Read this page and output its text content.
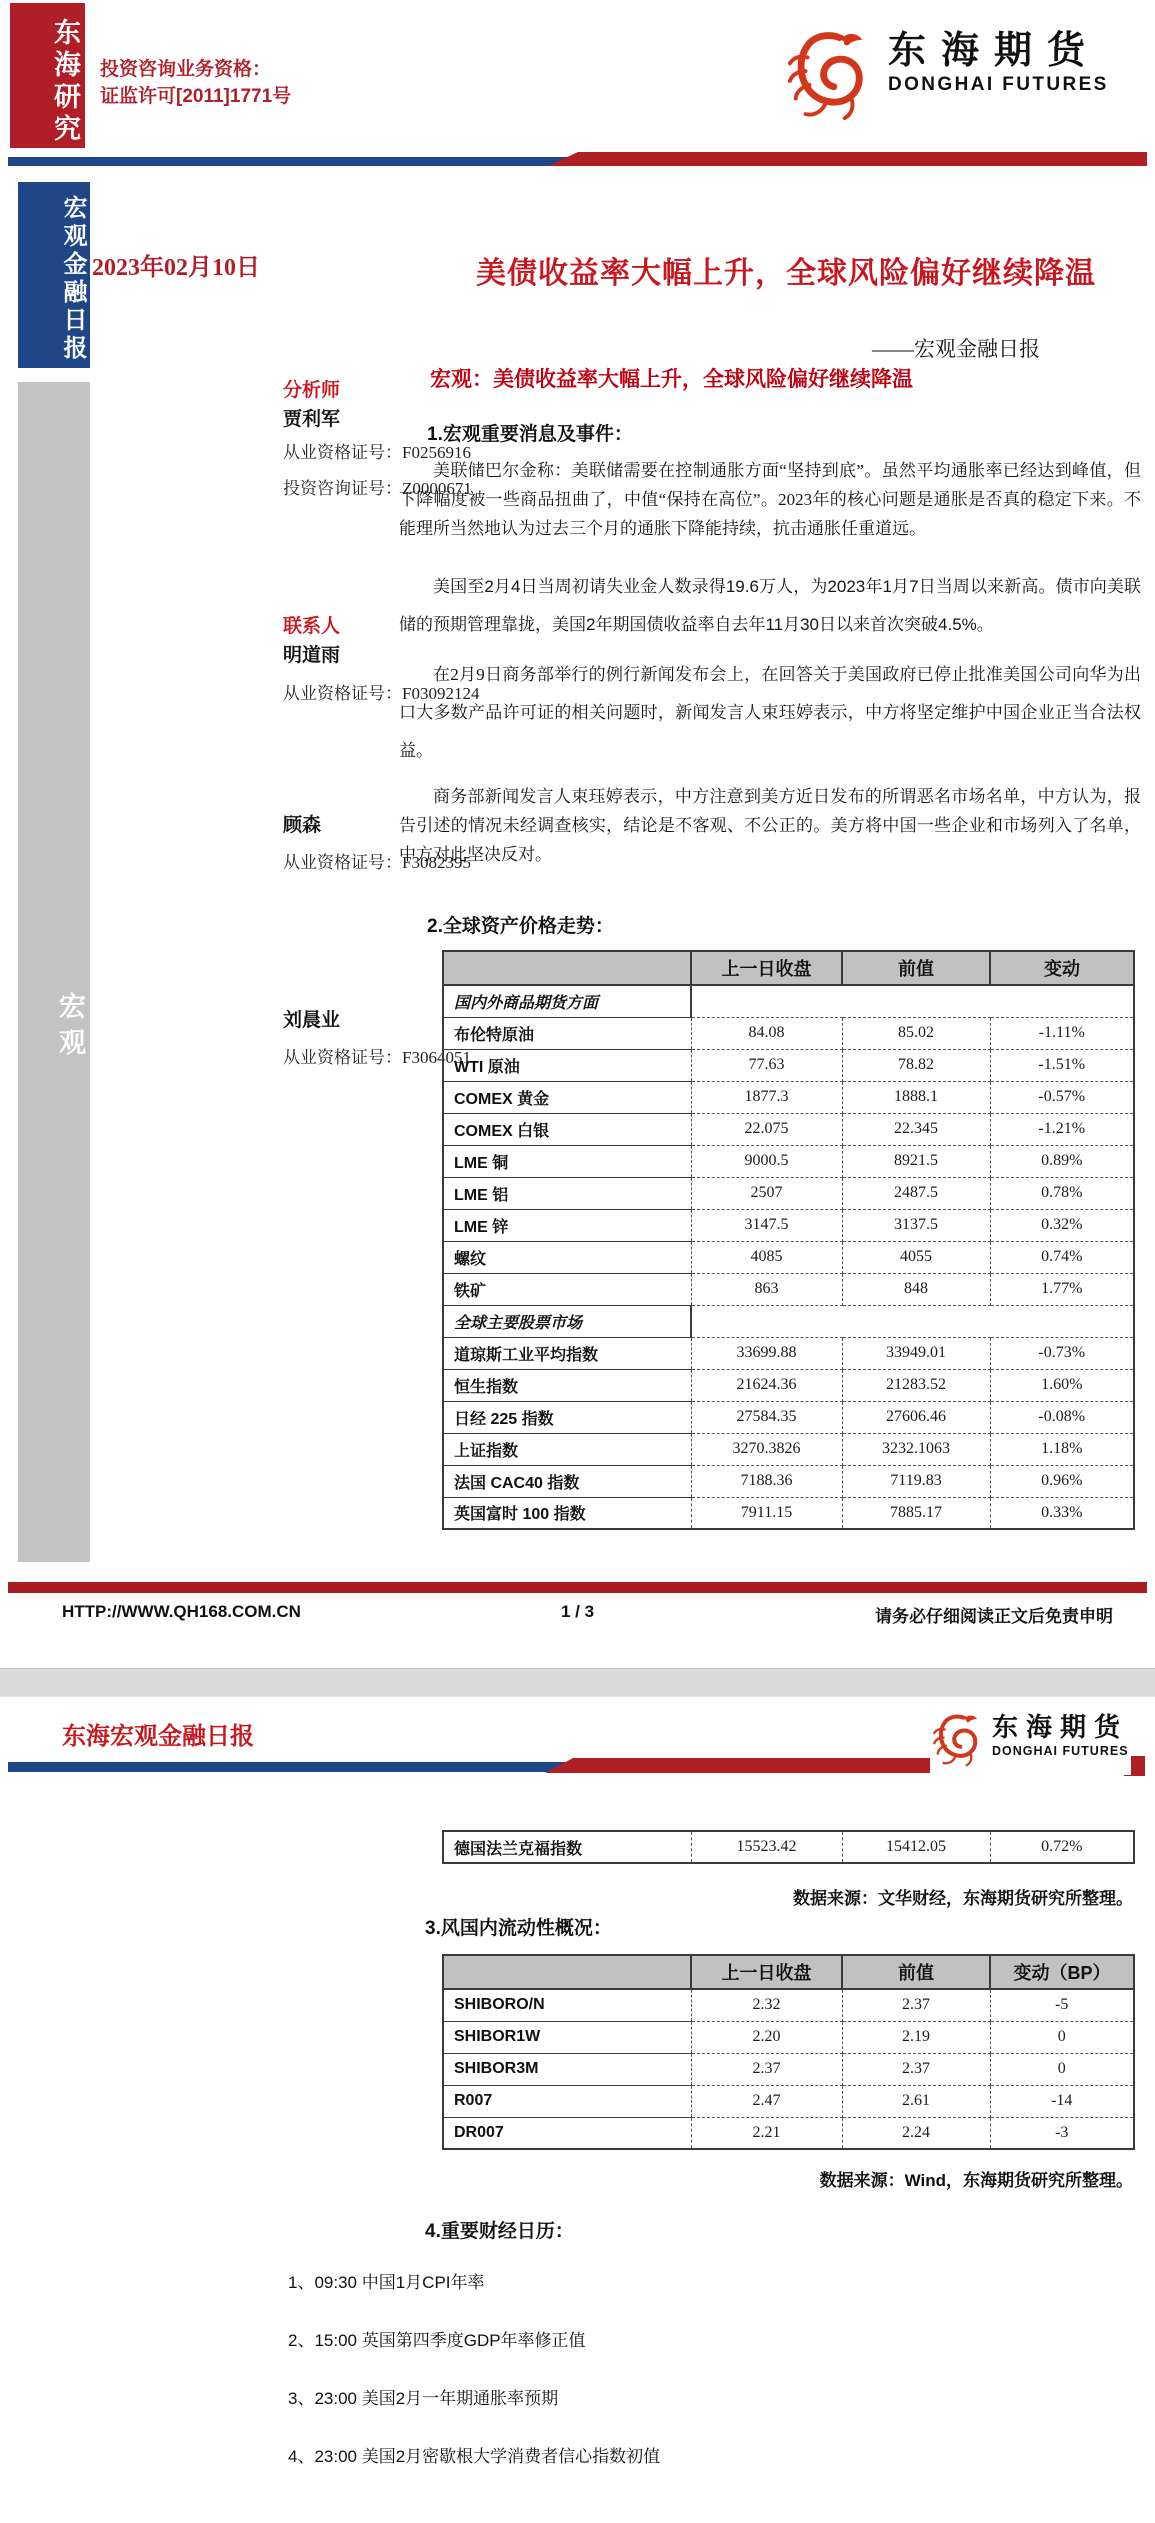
东海研究 投资咨询业务资格：
证监许可[2011]1771号
东海期货
DONGHAI FUTURES
宏观金融日报
宏观
2023年02月10日	美债收益率大幅上升，全球风险偏好继续降温
——宏观金融日报
分析师
贾利军
从业资格证号：F0256916
投资咨询证号：Z0000671
联系人
明道雨
从业资格证号：F03092124
顾森
从业资格证号：F3082395
刘晨业
从业资格证号：F3064051
宏观：美债收益率大幅上升，全球风险偏好继续降温
1.宏观重要消息及事件：
美联储巴尔金称：美联储需要在控制通胀方面“坚持到底”。虽然平均通胀率已经达到峰值，但下降幅度被一些商品扭曲了，中值“保持在高位”。2023年的核心问题是通胀是否真的稳定下来。不能理所当然地认为过去三个月的通胀下降能持续，抗击通胀任重道远。
美国至2月4日当周初请失业金人数录得19.6万人，为2023年1月7日当周以来新高。债市向美联储的预期管理靠拢，美国2年期国债收益率自去年11月30日以来首次突破4.5%。
在2月9日商务部举行的例行新闻发布会上，在回答关于美国政府已停止批准美国公司向华为出口大多数产品许可证的相关问题时，新闻发言人束珏婷表示，中方将坚定维护中国企业正当合法权益。
商务部新闻发言人束珏婷表示，中方注意到美方近日发布的所谓恶名市场名单，中方认为，报告引述的情况未经调查核实，结论是不客观、不公正的。美方将中国一些企业和市场列入了名单，中方对此坚决反对。
2.全球资产价格走势：
	上一日收盘	前值	变动
国内外商品期货方面			
布伦特原油	84.08	85.02	-1.11%
WTI 原油	77.63	78.82	-1.51%
COMEX 黄金	1877.3	1888.1	-0.57%
COMEX 白银	22.075	22.345	-1.21%
LME 铜	9000.5	8921.5	0.89%
LME 铝	2507	2487.5	0.78%
LME 锌	3147.5	3137.5	0.32%
螺纹	4085	4055	0.74%
铁矿	863	848	1.77%
全球主要股票市场			
道琼斯工业平均指数	33699.88	33949.01	-0.73%
恒生指数	21624.36	21283.52	1.60%
日经 225 指数	27584.35	27606.46	-0.08%
上证指数	3270.3826	3232.1063	1.18%
法国 CAC40 指数	7188.36	7119.83	0.96%
英国富时 100 指数	7911.15	7885.17	0.33%
HTTP://WWW.QH168.COM.CN	1 / 3	请务必仔细阅读正文后免责申明
东海宏观金融日报	东海期货
DONGHAI FUTURES
德国法兰克福指数	15523.42	15412.05	0.72%
数据来源：文华财经，东海期货研究所整理。
3.风国内流动性概况：
	上一日收盘	前值	变动（BP）
SHIBORO/N	2.32	2.37	-5
SHIBOR1W	2.20	2.19	0
SHIBOR3M	2.37	2.37	0
R007	2.47	2.61	-14
DR007	2.21	2.24	-3
数据来源：Wind，东海期货研究所整理。
4.重要财经日历：
1、09:30 中国1月CPI年率
2、15:00 英国第四季度GDP年率修正值
3、23:00 美国2月一年期通胀率预期
4、23:00 美国2月密歇根大学消费者信心指数初值
